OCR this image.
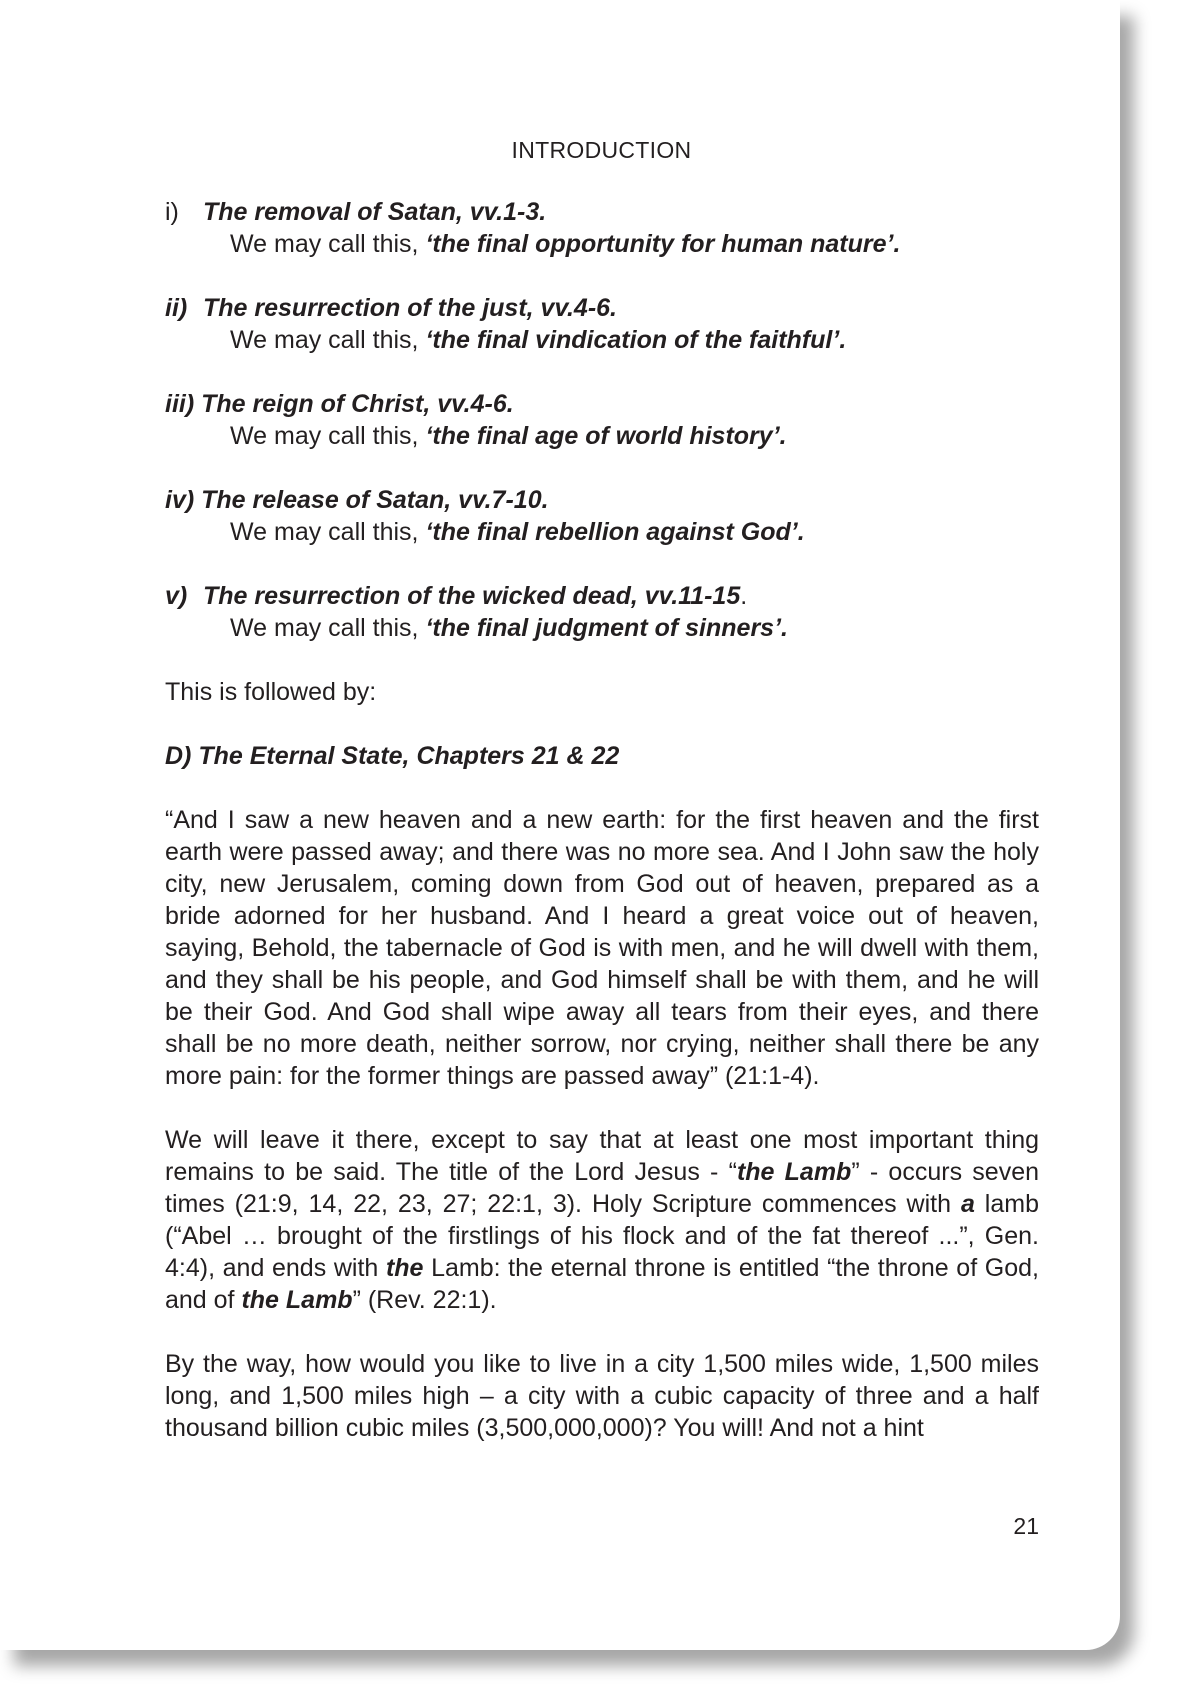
INTRODUCTION
i) The removal of Satan, vv.1-3.
We may call this, ‘the final opportunity for human nature’.
ii) The resurrection of the just, vv.4-6.
We may call this, ‘the final vindication of the faithful’.
iii) The reign of Christ, vv.4-6.
We may call this, ‘the final age of world history’.
iv) The release of Satan, vv.7-10.
We may call this, ‘the final rebellion against God’.
v) The resurrection of the wicked dead, vv.11-15.
We may call this, ‘the final judgment of sinners’.

This is followed by:

D) The Eternal State, Chapters 21 & 22

“And I saw a new heaven and a new earth: for the first heaven and the first earth were passed away; and there was no more sea. And I John saw the holy city, new Jerusalem, coming down from God out of heaven, prepared as a bride adorned for her husband. And I heard a great voice out of heaven, saying, Behold, the tabernacle of God is with men, and he will dwell with them, and they shall be his people, and God himself shall be with them, and he will be their God. And God shall wipe away all tears from their eyes, and there shall be no more death, neither sorrow, nor crying, neither shall there be any more pain: for the former things are passed away” (21:1-4).

We will leave it there, except to say that at least one most important thing remains to be said. The title of the Lord Jesus - “the Lamb” - occurs seven times (21:9, 14, 22, 23, 27; 22:1, 3). Holy Scripture commences with a lamb (“Abel … brought of the firstlings of his flock and of the fat thereof ...”, Gen. 4:4), and ends with the Lamb: the eternal throne is entitled “the throne of God, and of the Lamb” (Rev. 22:1).

By the way, how would you like to live in a city 1,500 miles wide, 1,500 miles long, and 1,500 miles high – a city with a cubic capacity of three and a half thousand billion cubic miles (3,500,000,000)? You will! And not a hint

21
